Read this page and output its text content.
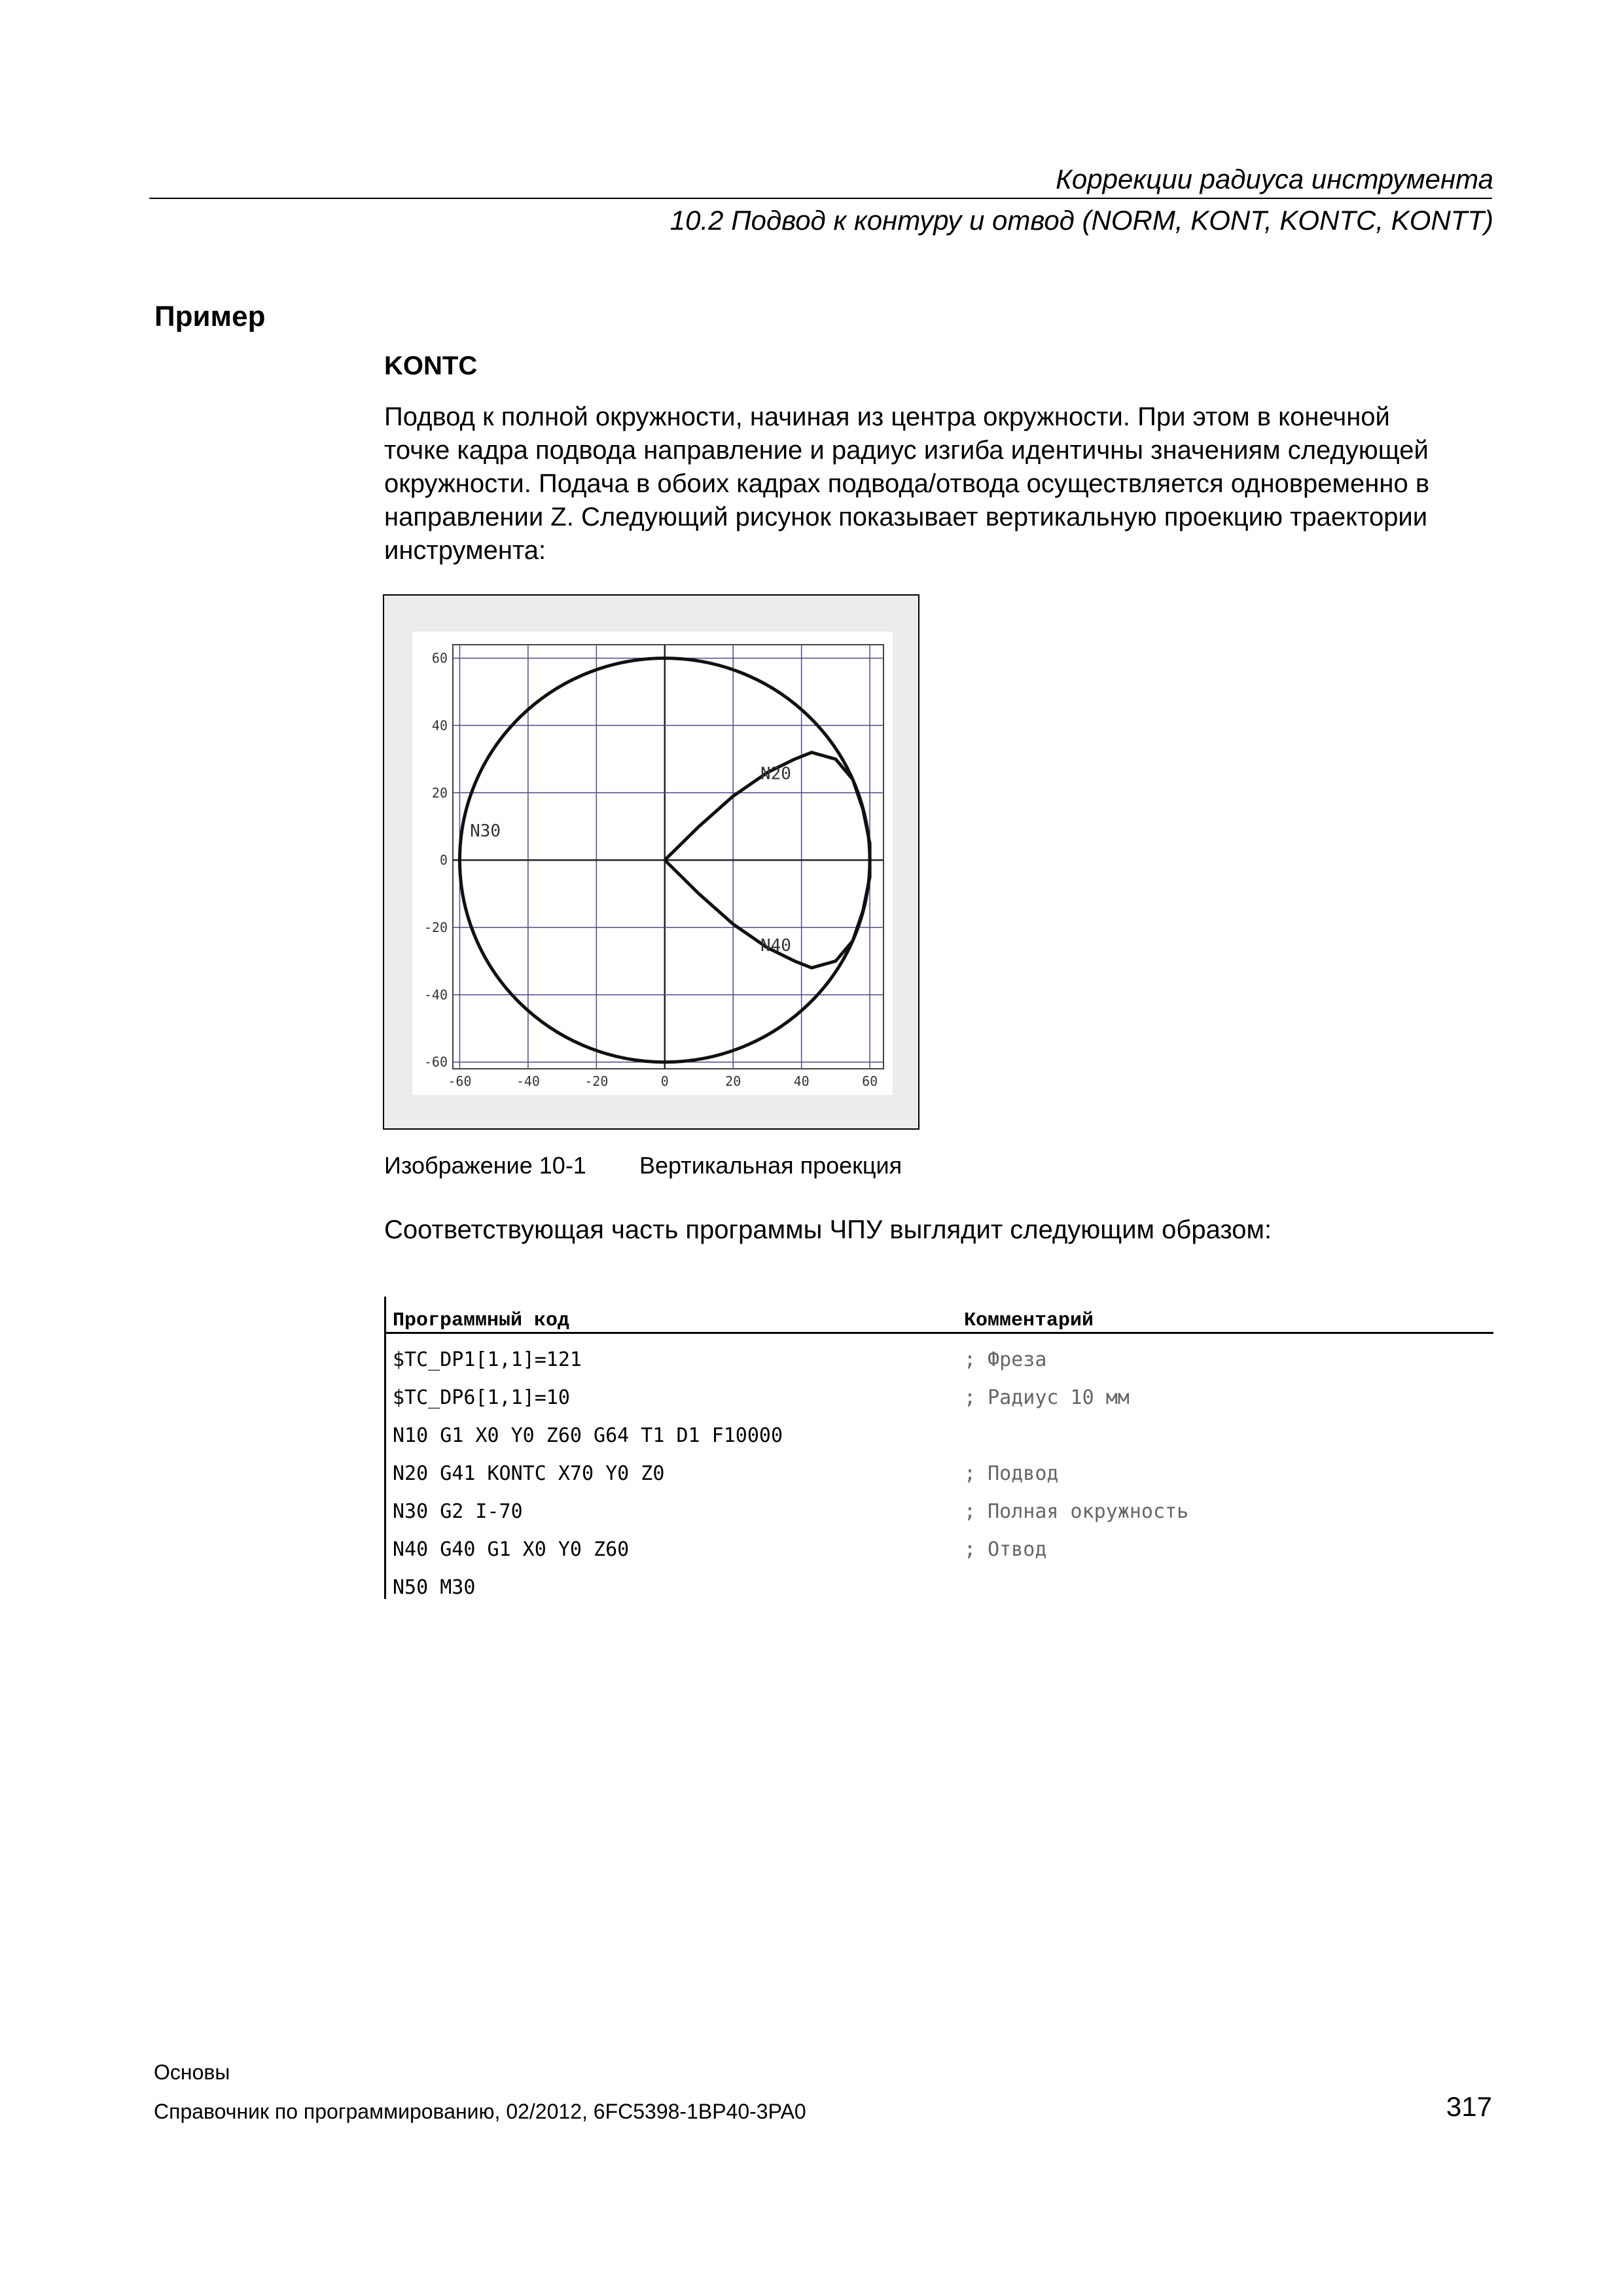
Коррекции радиуса инструмента
10.2 Подвод к контуру и отвод (NORM, KONT, KONTC, KONTT)
Пример
KONTC
Подвод к полной окружности, начиная из центра окружности. При этом в конечной
точке кадра подвода направление и радиус изгиба идентичны значениям следующей
окружности. Подача в обоих кадрах подвода/отвода осуществляется одновременно в
направлении Z. Следующий рисунок показывает вертикальную проекцию траектории
инструмента:
-60	-40	-20	0	20	40	60
60
40
20
0
-20
-40
-60
N20
N30
N40
Изображение 10-1 Вертикальная проекция
Соответствующая часть программы ЧПУ выглядит следующим образом:
Программный код	Комментарий
$TC_DP1[1,1]=121	; Фреза
$TC_DP6[1,1]=10	; Радиус 10 мм
N10 G1 X0 Y0 Z60 G64 T1 D1 F10000
N20 G41 KONTC X70 Y0 Z0	; Подвод
N30 G2 I-70	; Полная окружность
N40 G40 G1 X0 Y0 Z60	; Отвод
N50 M30
Основы
Справочник по программированию, 02/2012, 6FC5398-1BP40-3PA0	317
